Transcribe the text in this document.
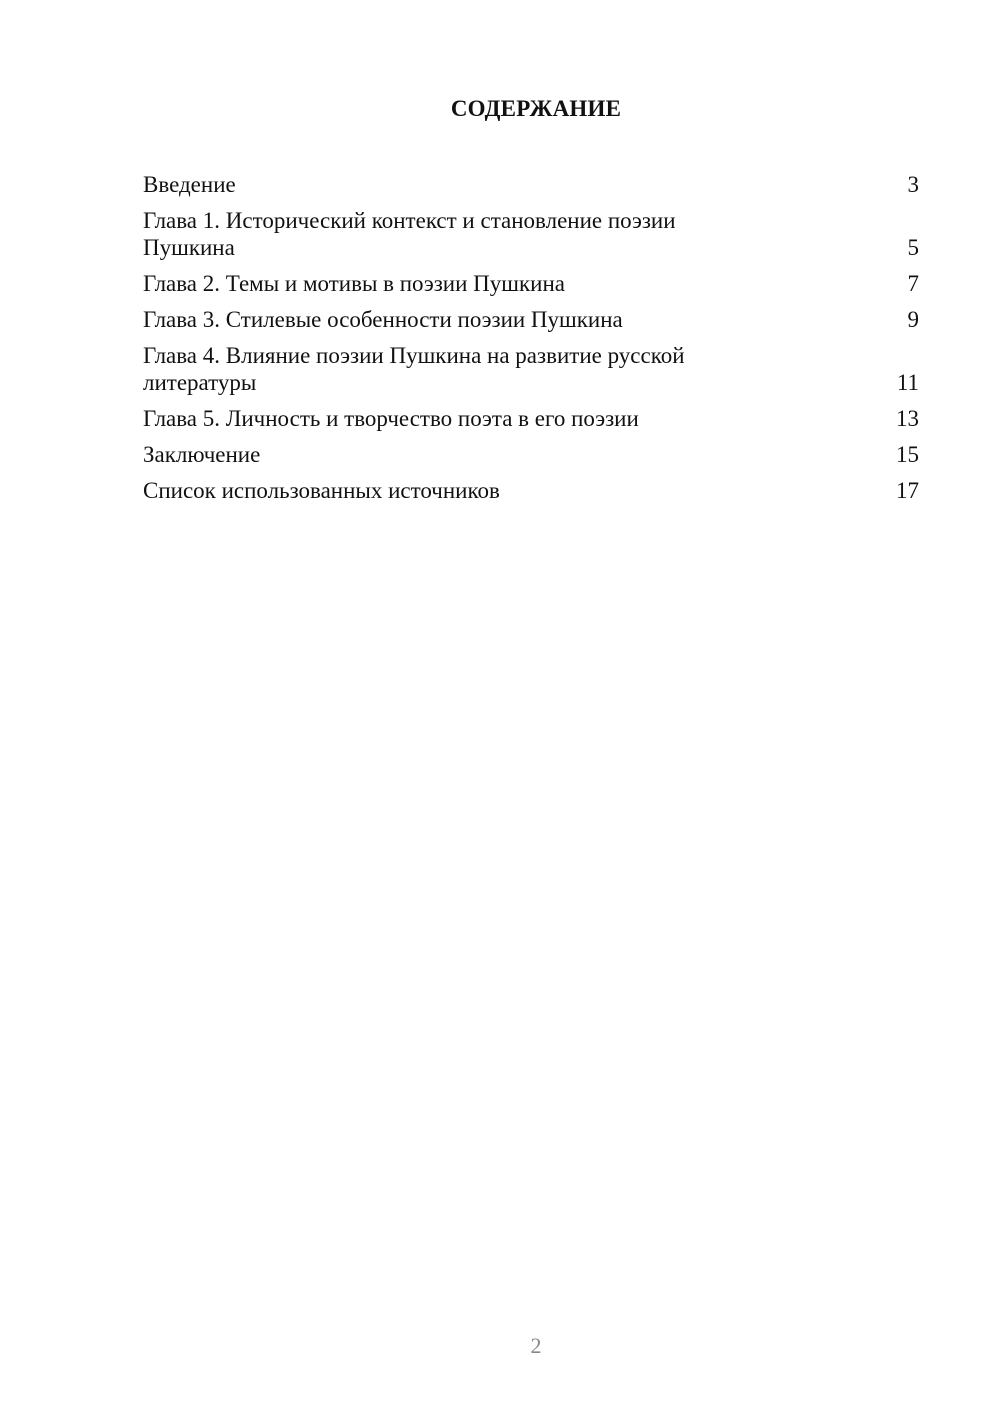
СОДЕРЖАНИЕ
Введение	3
Глава 1. Исторический контекст и становление поэзии Пушкина	5
Глава 2. Темы и мотивы в поэзии Пушкина	7
Глава 3. Стилевые особенности поэзии Пушкина	9
Глава 4. Влияние поэзии Пушкина на развитие русской литературы	11
Глава 5. Личность и творчество поэта в его поэзии	13
Заключение	15
Список использованных источников	17
2
